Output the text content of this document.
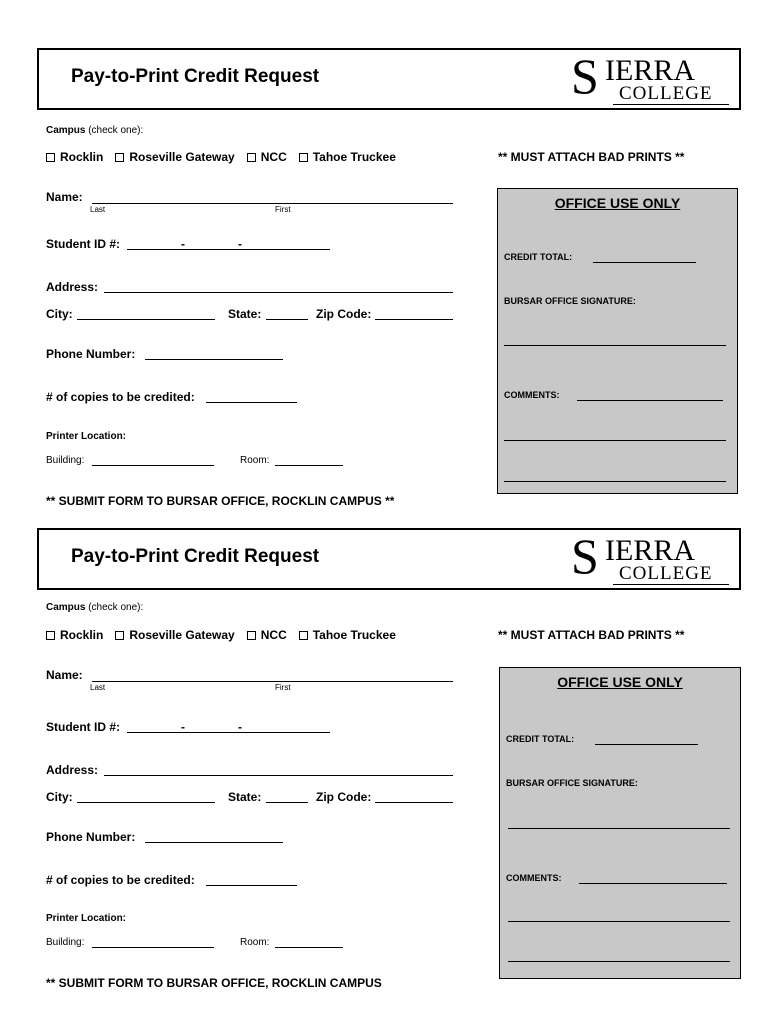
Pay-to-Print Credit Request	S IERRA
COLLEGE
Campus (check one):
Rocklin Roseville Gateway NCC Tahoe Truckee	** MUST ATTACH BAD PRINTS **
Name:
Last	First
Student ID #:	-	-
Address:
City:	State:	Zip Code:
Phone Number:
# of copies to be credited:
Printer Location:
Building:	Room:
** SUBMIT FORM TO BURSAR OFFICE, ROCKLIN CAMPUS **
OFFICE USE ONLY
CREDIT TOTAL:
BURSAR OFFICE SIGNATURE:
COMMENTS:
Pay-to-Print Credit Request	S IERRA
COLLEGE
Campus (check one):
Rocklin Roseville Gateway NCC Tahoe Truckee	** MUST ATTACH BAD PRINTS **
Name:
Last	First
Student ID #:	-	-
Address:
City:	State:	Zip Code:
Phone Number:
# of copies to be credited:
Printer Location:
Building:	Room:
** SUBMIT FORM TO BURSAR OFFICE, ROCKLIN CAMPUS
OFFICE USE ONLY
CREDIT TOTAL:
BURSAR OFFICE SIGNATURE:
COMMENTS:
